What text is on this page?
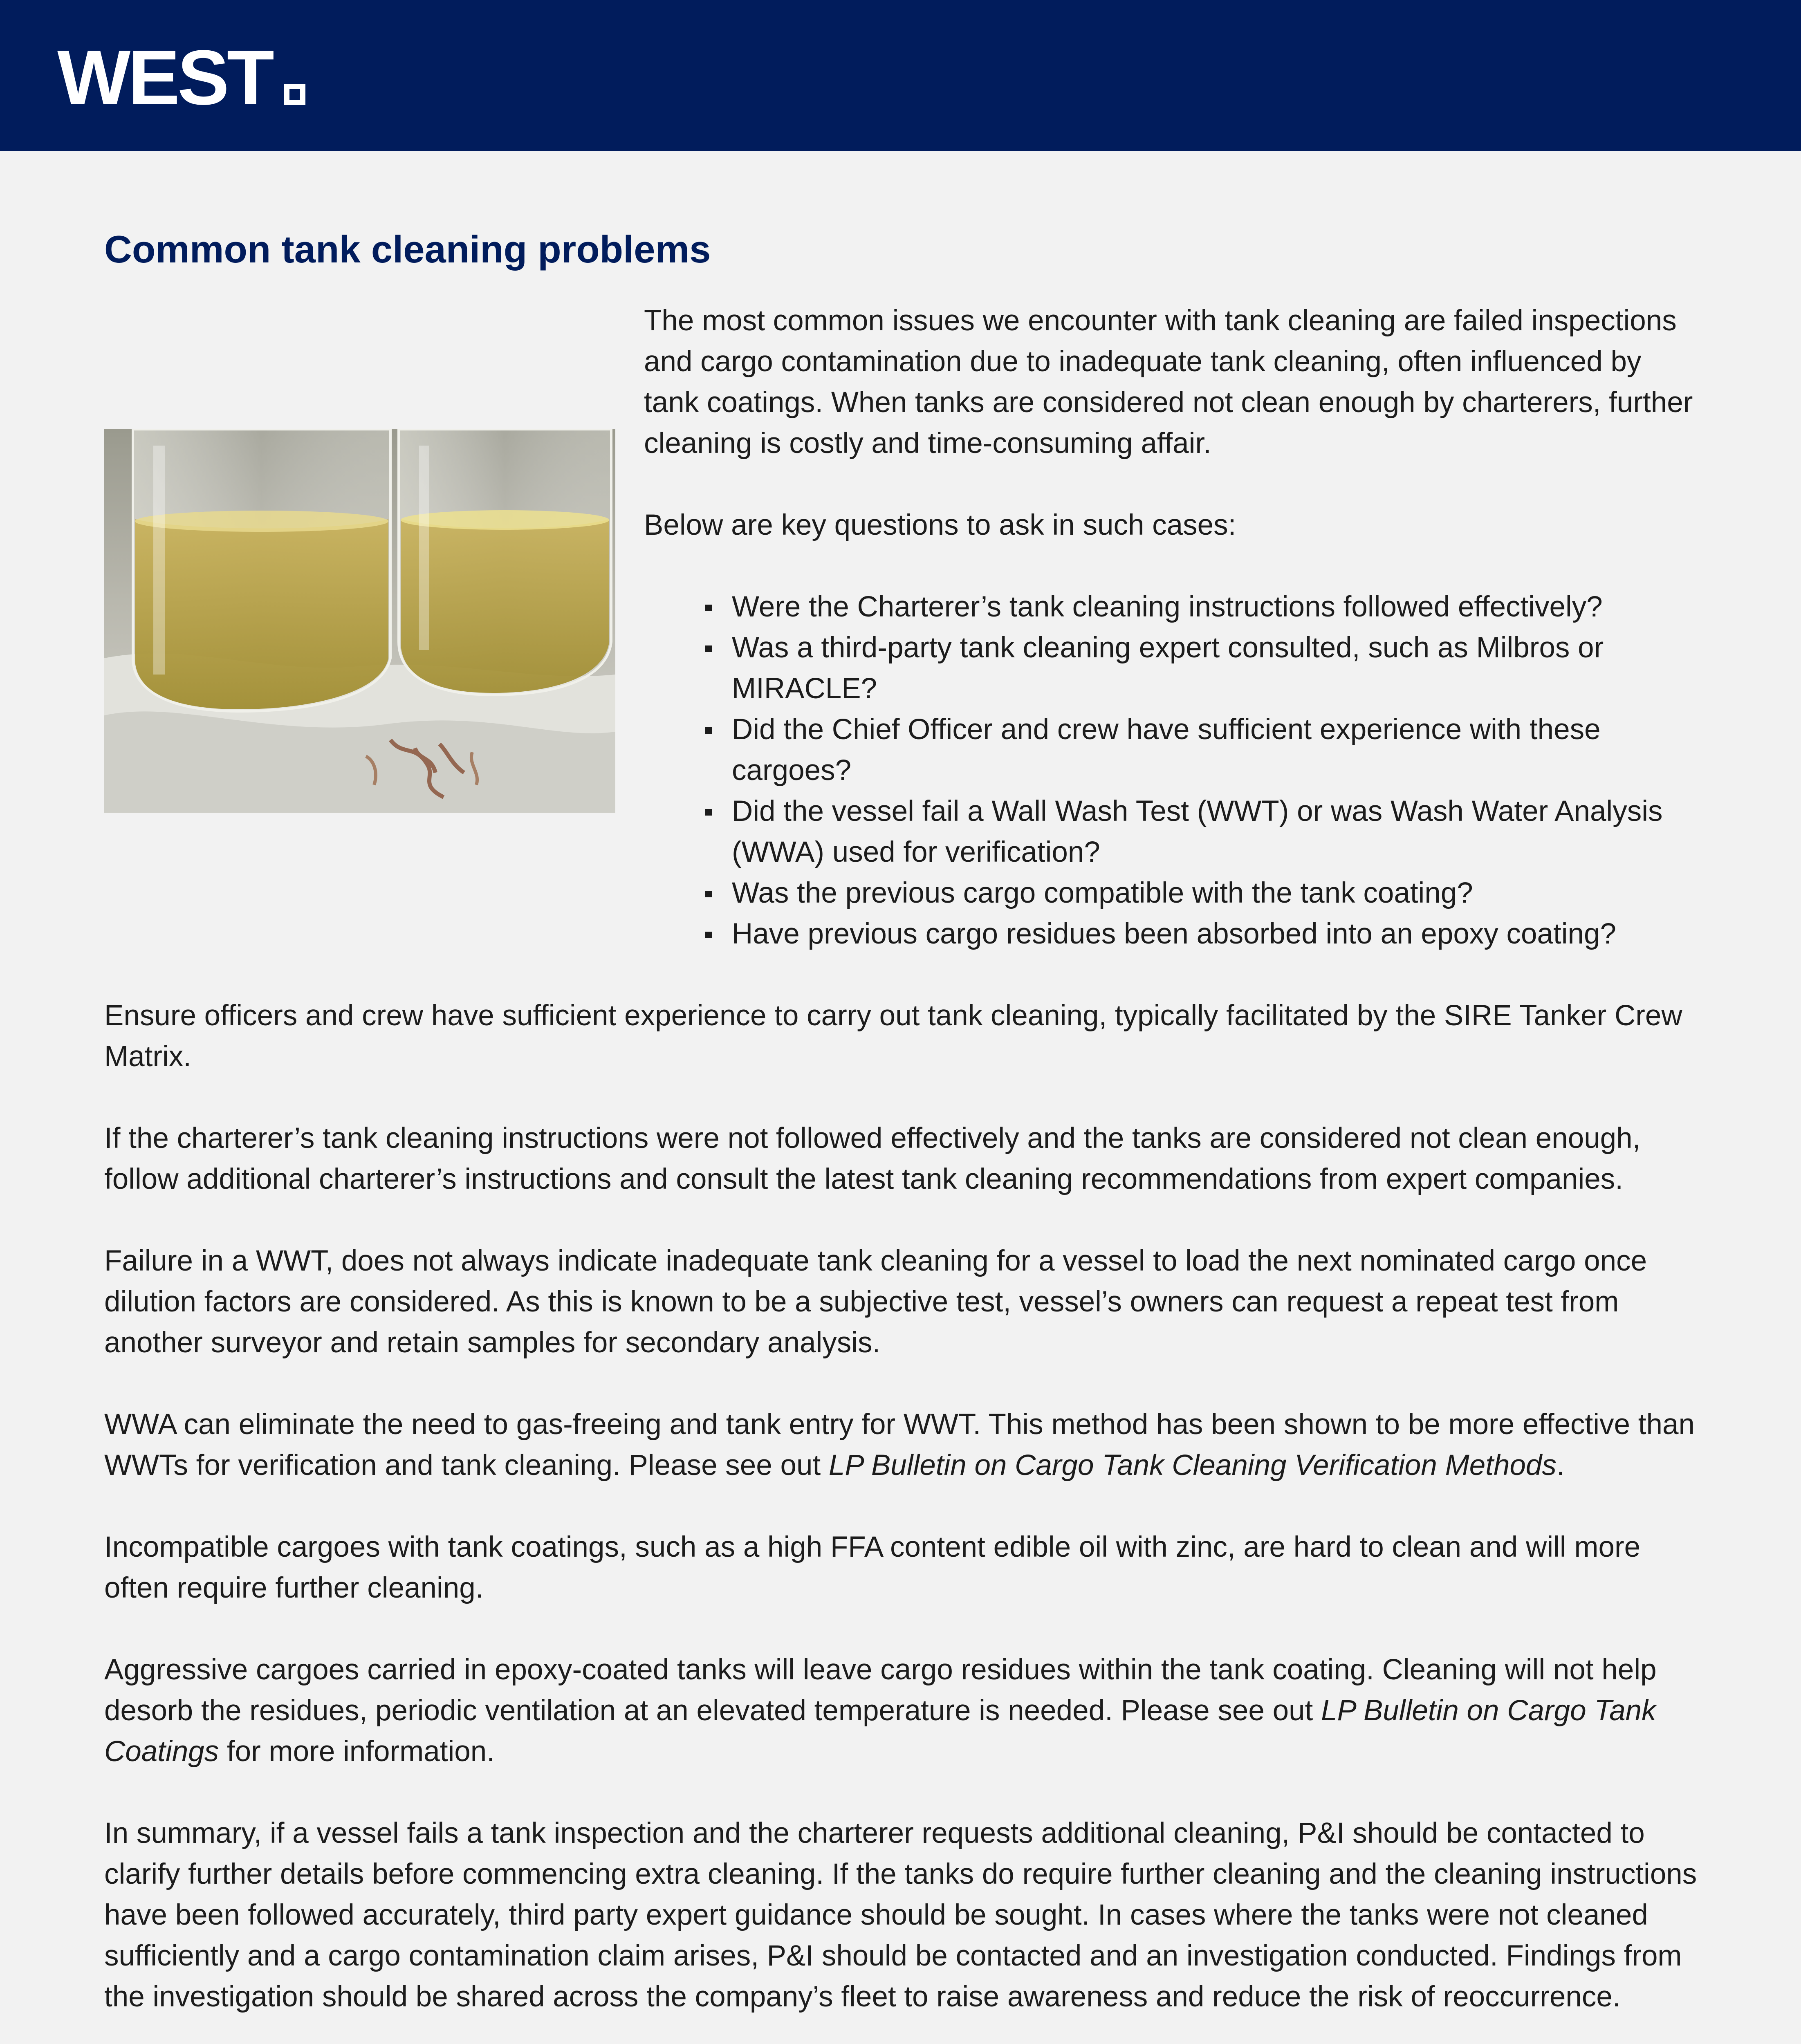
WEST
Common tank cleaning problems

The most common issues we encounter with tank cleaning are failed inspections and cargo contamination due to inadequate tank cleaning, often influenced by tank coatings. When tanks are considered not clean enough by charterers, further cleaning is costly and time-consuming affair.

Below are key questions to ask in such cases:

Were the Charterer’s tank cleaning instructions followed effectively?
Was a third-party tank cleaning expert consulted, such as Milbros or MIRACLE?
Did the Chief Officer and crew have sufficient experience with these cargoes?
Did the vessel fail a Wall Wash Test (WWT) or was Wash Water Analysis (WWA) used for verification?
Was the previous cargo compatible with the tank coating?
Have previous cargo residues been absorbed into an epoxy coating?

Ensure officers and crew have sufficient experience to carry out tank cleaning, typically facilitated by the SIRE Tanker Crew Matrix.

If the charterer’s tank cleaning instructions were not followed effectively and the tanks are considered not clean enough, follow additional charterer’s instructions and consult the latest tank cleaning recommendations from expert companies.

Failure in a WWT, does not always indicate inadequate tank cleaning for a vessel to load the next nominated cargo once dilution factors are considered. As this is known to be a subjective test, vessel’s owners can request a repeat test from another surveyor and retain samples for secondary analysis.

WWA can eliminate the need to gas-freeing and tank entry for WWT. This method has been shown to be more effective than WWTs for verification and tank cleaning. Please see out LP Bulletin on Cargo Tank Cleaning Verification Methods.

Incompatible cargoes with tank coatings, such as a high FFA content edible oil with zinc, are hard to clean and will more often require further cleaning.

Aggressive cargoes carried in epoxy-coated tanks will leave cargo residues within the tank coating. Cleaning will not help desorb the residues, periodic ventilation at an elevated temperature is needed. Please see out LP Bulletin on Cargo Tank Coatings for more information.

In summary, if a vessel fails a tank inspection and the charterer requests additional cleaning, P&I should be contacted to clarify further details before commencing extra cleaning. If the tanks do require further cleaning and the cleaning instructions have been followed accurately, third party expert guidance should be sought. In cases where the tanks were not cleaned sufficiently and a cargo contamination claim arises, P&I should be contacted and an investigation conducted. Findings from the investigation should be shared across the company’s fleet to raise awareness and reduce the risk of reoccurrence.
